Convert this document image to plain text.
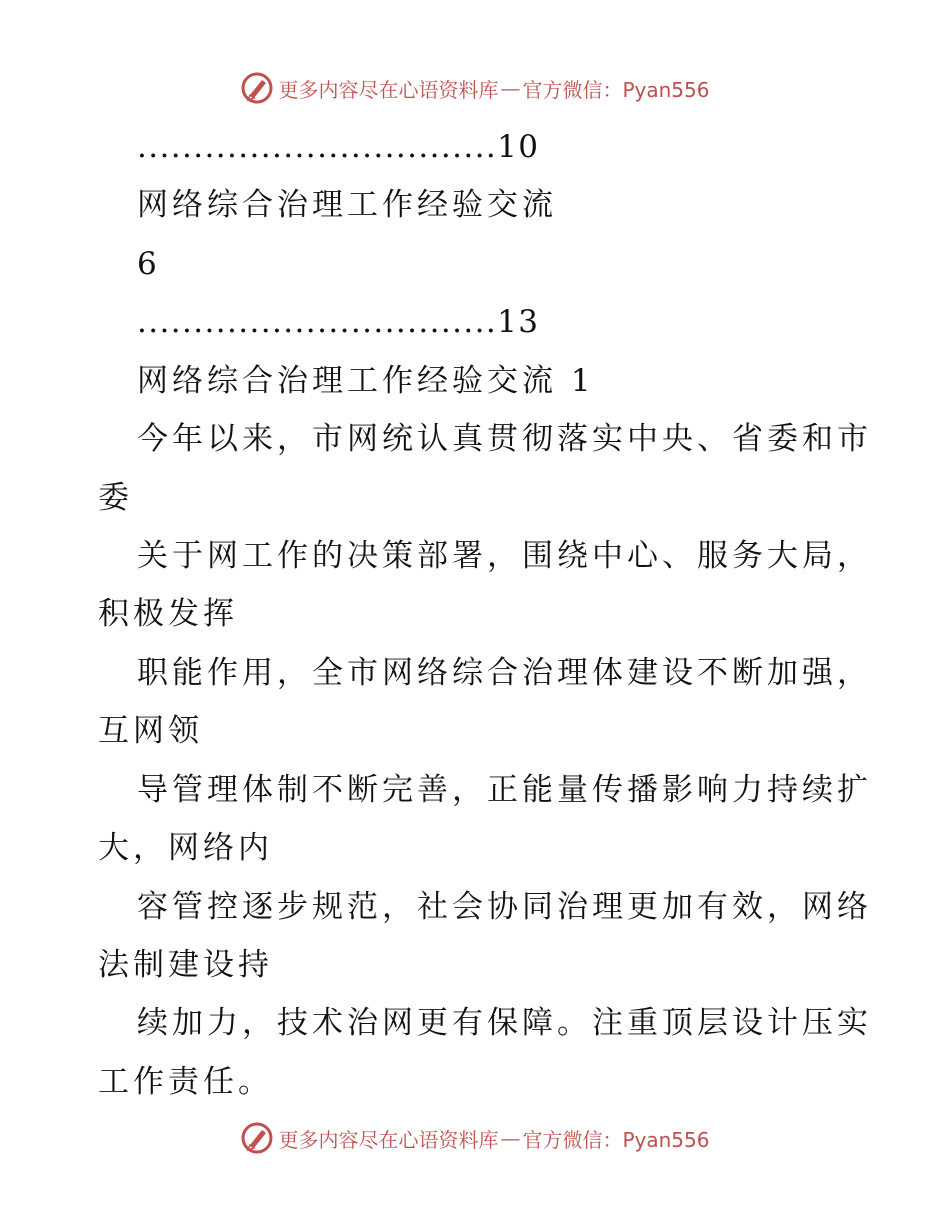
更多内容尽在心语资料库 — 官方微信：Pyan556
................................10
网络综合治理工作经验交流
6
................................13
网络综合治理工作经验交流 1
今年以来，市网统认真贯彻落实中央、省委和市
委
关于网工作的决策部署，围绕中心、服务大局，
积极发挥
职能作用，全市网络综合治理体建设不断加强，
互网领
导管理体制不断完善，正能量传播影响力持续扩
大，网络内
容管控逐步规范，社会协同治理更加有效，网络
法制建设持
续加力，技术治网更有保障。注重顶层设计压实
工作责任。
更多内容尽在心语资料库 — 官方微信：Pyan556
